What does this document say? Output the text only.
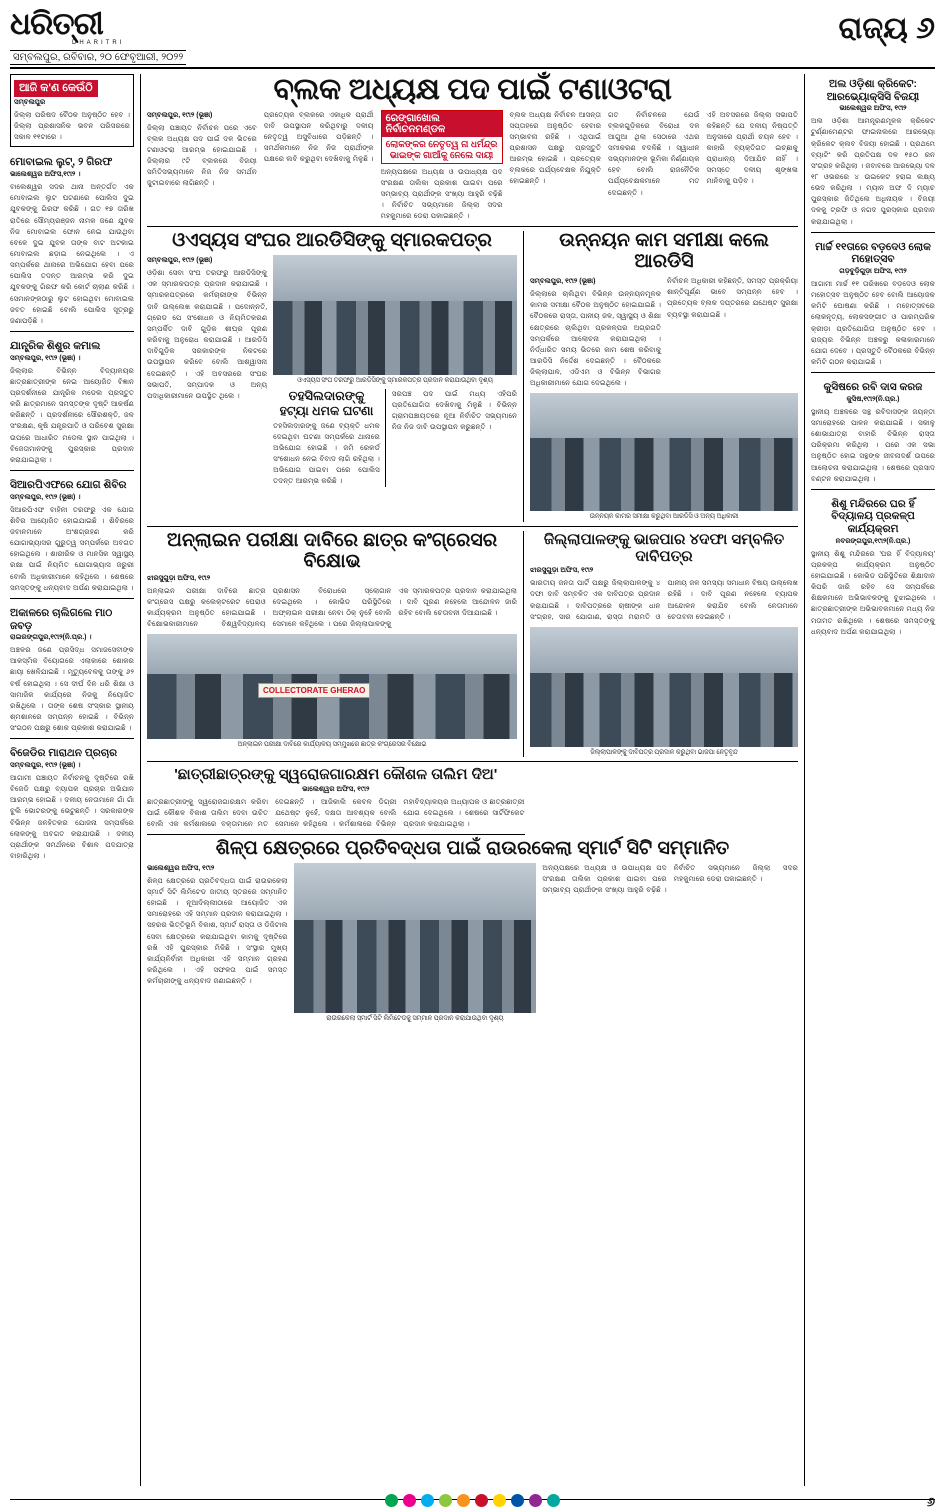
ଧରିତ୍ରୀ
DHARITRI
ସମ୍ବଲପୁର, ରବିବାର, ୨୦ ଫେବୃଆରୀ, ୨୦୨୨
ରାଜ୍ୟ ୬
ଆଜି କ'ଣ କେଉଁଠି
ସମ୍ବଲପୁର
ଜିଲ୍ଲା ପରିଷଦ ବୈଠକ ଅନୁଷ୍ଠିତ ହେବ । ଜିଲ୍ଲା ପ୍ରଶାସନିକ ଭବନ ପରିସରରେ ସକାଳ ୧୧ଟାରେ ।
ମୋବାଇଲ ଲୁଟ୍, ୨ ଗିରଫ
ଭାଲେଶ୍ୱର ଅଫିସ,୧୯ା୨ ।
ବାଲେଶ୍ୱର ସଦର ଥାନା ଅନ୍ତର୍ଗତ ଏକ ମୋବାଇଲ ଲୁଟ ଘଟଣାରେ ପୋଲିସ ଦୁଇ ଯୁବକଙ୍କୁ ଗିରଫ କରିଛି । ଗତ ୧୭ ତାରିଖ ରାତିରେ ସୌମ୍ୟରଞ୍ଜନ ନାମକ ଜଣେ ଯୁବକ ନିଜ ମୋବାଇଲ ଫୋନ ନେଇ ଯାଉଥିବା ବେଳେ ଦୁଇ ଯୁବକ ତାଙ୍କ ବାଟ ଅଟକାଇ ମୋବାଇଲ ଛଡ଼ାଇ ନେଇଥିଲେ । ଏ ସମ୍ପର୍କରେ ଥାନାରେ ଅଭିଯୋଗ ହେବା ପରେ ପୋଲିସ ତଦନ୍ତ ଆରମ୍ଭ କରି ଦୁଇ ଯୁବକଙ୍କୁ ଗିରଫ କରି କୋର୍ଟ ଚାଲାଣ କରିଛି । ସେମାନଙ୍କଠାରୁ ଲୁଟ ହୋଇଥିବା ମୋବାଇଲ ଜବତ ହୋଇଛି ବୋଲି ପୋଲିସ ସୂତ୍ରରୁ ଜଣାପଡ଼ିଛି ।
ଯାନ୍ତ୍ରିକ ଶିଶୁର କମାଲ
ସମ୍ବଲପୁର, ୧୯ା୨ (ଭୂଞା) ।
ଜିଲ୍ଲାର ବିଭିନ୍ନ ବିଦ୍ୟାଳୟର ଛାତ୍ରଛାତ୍ରୀଙ୍କ ନେଇ ଆୟୋଜିତ ବିଜ୍ଞାନ ପ୍ରଦର୍ଶନୀରେ ଯାନ୍ତ୍ରିକ ମଡେଲ ପ୍ରସ୍ତୁତ କରି ଛାତ୍ରମାନେ ସମସ୍ତଙ୍କ ଦୃଷ୍ଟି ଆକର୍ଷଣ କରିଛନ୍ତି । ପ୍ରଦର୍ଶନୀରେ ସୌରଶକ୍ତି, ଜଳ ସଂରକ୍ଷଣ, କୃଷି ଯନ୍ତ୍ରପାତି ଓ ପରିବେଶ ସୁରକ୍ଷା ଉପରେ ଆଧାରିତ ମଡେଲ ସ୍ଥାନ ପାଇଥିଲା । ବିଜେତାମାନଙ୍କୁ ପୁରସ୍କାର ପ୍ରଦାନ କରାଯାଇଥିଲା ।
ସିଆରପିଏଫରେ ଯୋଗ ଶିବିର
ସମ୍ବଲପୁର, ୧୯ା୨ (ଭୂଞା) ।
ସିଆରପିଏଫ ବାହିନୀ ତରଫରୁ ଏକ ଯୋଗ ଶିବିର ଆୟୋଜିତ ହୋଇଯାଇଛି । ଶିବିରରେ ଜବାନମାନେ ଅଂଶଗ୍ରହଣ କରି ଯୋଗାଭ୍ୟାସର ଗୁରୁତ୍ୱ ସମ୍ପର୍କରେ ଅବଗତ ହୋଇଥିଲେ । ଶାରୀରିକ ଓ ମାନସିକ ସ୍ୱାସ୍ଥ୍ୟ ରକ୍ଷା ପାଇଁ ନିୟମିତ ଯୋଗାଭ୍ୟାସ ଜରୁରୀ ବୋଲି ଅଧିକାରୀମାନେ କହିଥିଲେ । ଶେଷରେ ସମସ୍ତଙ୍କୁ ଧନ୍ୟବାଦ ଅର୍ପଣ କରାଯାଇଥିଲା ।
ଅକାଳରେ ଚାଲିଗଲେ ମାଠ ଜବଡ଼
ରାଇରଙ୍ଗପୁର,୧୯ା୨(ନି.ପ୍ର.) ।
ଅଞ୍ଚଳର ଜଣେ ପ୍ରସିଦ୍ଧ ସମାଜସେବୀଙ୍କ ଆକସ୍ମିକ ବିୟୋଗରେ ଏଲାକାରେ ଶୋକର ଛାୟା ଖେଳିଯାଇଛି । ମୃତ୍ୟୁବେଳକୁ ତାଙ୍କୁ ୬୨ ବର୍ଷ ହୋଇଥିଲା । ସେ ଦୀର୍ଘ ଦିନ ଧରି ଶିକ୍ଷା ଓ ସାମାଜିକ କାର୍ଯ୍ୟରେ ନିଜକୁ ନିୟୋଜିତ ରଖିଥିଲେ । ତାଙ୍କ ଶେଷ ସଂସ୍କାର ସ୍ଥାନୀୟ ଶ୍ମଶାନରେ ସମ୍ପନ୍ନ ହୋଇଛି । ବିଭିନ୍ନ ସଂଗଠନ ପକ୍ଷରୁ ଶୋକ ପ୍ରକାଶ କରାଯାଇଛି ।
ବିଜେଡିର ମାରାଥନ ପ୍ରଚାର
ସମ୍ବଲପୁର, ୧୯ା୨ (ଭୂଞା) ।
ଆଗାମୀ ପଞ୍ଚାୟତ ନିର୍ବାଚନକୁ ଦୃଷ୍ଟିରେ ରଖି ବିଜେଡି ପକ୍ଷରୁ ବ୍ୟାପକ ପ୍ରଚାର ଅଭିଯାନ ଆରମ୍ଭ ହୋଇଛି । ଦଳୀୟ ନେତାମାନେ ଗାଁ ଗାଁ ବୁଲି ଭୋଟରଙ୍କୁ ଭେଟୁଛନ୍ତି । ସରକାରଙ୍କ ବିଭିନ୍ନ ଜନହିତକର ଯୋଜନା ସମ୍ପର୍କରେ ଲୋକଙ୍କୁ ଅବଗତ କରାଯାଉଛି । ଦଳୀୟ ପ୍ରାର୍ଥୀଙ୍କ ସମର୍ଥନରେ ବିଶାଳ ପଦଯାତ୍ରା ବାହାରିଥିଲା ।
ବ୍ଲକ ଅଧ୍ୟକ୍ଷ ପଦ ପାଇଁ ଟଣାଓଟରା
ସମ୍ବଲପୁର, ୧୯ା୨ (ଭୂଞା)
ଜିଲ୍ଲା ପଞ୍ଚାୟତ ନିର୍ବାଚନ ପରେ ଏବେ ବ୍ଲକ ଅଧ୍ୟକ୍ଷ ପଦ ପାଇଁ ଦଳ ଭିତରେ ଟଣାଓଟରା ଆରମ୍ଭ ହୋଇଯାଇଛି । ଜିଲ୍ଲାର ୯ଟି ବ୍ଲକରେ ବିଜୟୀ ସମିତିସଭ୍ୟମାନେ ନିଜ ନିଜ ସମର୍ଥନ ଜୁଟାଇବାରେ ଲାଗିଛନ୍ତି ।
ପ୍ରତ୍ୟେକ ବ୍ଲକରେ ଏକାଧିକ ପ୍ରାର୍ଥୀ ଦାବି ଉପସ୍ଥାପନ କରିଥିବାରୁ ଦଳୀୟ ନେତୃତ୍ୱ ଅସୁବିଧାରେ ପଡ଼ିଛନ୍ତି । ସମର୍ଥକମାନେ ନିଜ ନିଜ ପ୍ରାର୍ଥୀଙ୍କ ପକ୍ଷରେ ଲବି କରୁଥିବା ଦେଖିବାକୁ ମିଳୁଛି ।
ରେଙ୍ଗାଖୋଲ ନିର୍ବାଚନମଣ୍ଡଳ
ଲୋକଙ୍କର ନେତୃତ୍ୱ ନା ଧର୍ମନ୍ଦ୍ର ଭାଇଙ୍କ ଗାଆଁକୁ ନେଲେ ଦାୟୀ
ଅନ୍ୟପକ୍ଷରେ ଅଧ୍ୟକ୍ଷ ଓ ଉପାଧ୍ୟକ୍ଷ ପଦ ସଂରକ୍ଷଣ ତାଲିକା ପ୍ରକାଶ ପାଇବା ପରେ ସମ୍ଭାବ୍ୟ ପ୍ରାର୍ଥୀଙ୍କ ସଂଖ୍ୟା ଆହୁରି ବଢ଼ିଛି । ନିର୍ବାଚିତ ସଭ୍ୟମାନେ ଜିଲ୍ଲା ସଦର ମହକୁମାରେ ଡେରା ପକାଇଛନ୍ତି ।
ବ୍ଲକ ଅଧ୍ୟକ୍ଷ ନିର୍ବାଚନ ଆସନ୍ତା ସପ୍ତାହରେ ଅନୁଷ୍ଠିତ ହେବାର ସମ୍ଭାବନା ରହିଛି । ଏଥିପାଇଁ ପ୍ରଶାସନ ପକ୍ଷରୁ ପ୍ରସ୍ତୁତି ଆରମ୍ଭ ହୋଇଛି । ପ୍ରତ୍ୟେକ ବ୍ଲକରେ ପର୍ଯ୍ୟବେକ୍ଷକ ନିଯୁକ୍ତି ହୋଇଛନ୍ତି ।
ଗତ ନିର୍ବାଚନରେ ଯେଉଁ ବ୍ଲକଗୁଡ଼ିକରେ ବିରୋଧୀ ଦଳ ଆଗୁଆ ଥିଲା ସେଠାରେ ଏଥର ସମୀକରଣ ବଦଳିଛି । ସ୍ୱାଧୀନ ସଭ୍ୟମାନଙ୍କ ଭୂମିକା ନିର୍ଣ୍ଣାୟକ ହେବ ବୋଲି ରାଜନୈତିକ ପର୍ଯ୍ୟବେକ୍ଷକମାନେ ମତ ଦେଇଛନ୍ତି ।
ଏହି ଅବସରରେ ଜିଲ୍ଲା ସଭାପତି କହିଛନ୍ତି ଯେ ଦଳୀୟ ନିଷ୍ପତ୍ତି ଅନୁସାରେ ପ୍ରାର୍ଥୀ ଚୟନ ହେବ । କାହାରି ବ୍ୟକ୍ତିଗତ ଇଚ୍ଛାକୁ ପ୍ରାଧାନ୍ୟ ଦିଆଯିବ ନାହିଁ । ସମସ୍ତେ ଦଳୀୟ ଶୃଙ୍ଖଳା ମାନିବାକୁ ପଡ଼ିବ ।
ଓଏସ୍ୟସ ସଂଘର ଆରଡିସିଙ୍କୁ ସ୍ମାରକପତ୍ର
ସମ୍ବଲପୁର, ୧୯ା୨ (ଭୂଞା)
ଓଡ଼ିଶା ସେବା ସଂଘ ତରଫରୁ ଆରଡିସିଙ୍କୁ ଏକ ସ୍ମାରକପତ୍ର ପ୍ରଦାନ କରାଯାଇଛି । ସ୍ମାରକପତ୍ରରେ କର୍ମଚାରୀଙ୍କ ବିଭିନ୍ନ ଦାବି ଉଲ୍ଲେଖ କରାଯାଇଛି । ପଦୋନ୍ନତି, ଗ୍ରେଡ ପେ ସଂଶୋଧନ ଓ ନିୟମିତକରଣ ସମ୍ପର୍କିତ ଦାବି ଗୁଡ଼ିକ ଶୀଘ୍ର ପୂରଣ କରିବାକୁ ଅନୁରୋଧ କରାଯାଇଛି । ଆରଡିସି ଦାବିଗୁଡ଼ିକ ସରକାରଙ୍କ ନିକଟରେ ଉପସ୍ଥାପନ କରିବେ ବୋଲି ଆଶ୍ୱାସନା ଦେଇଛନ୍ତି । ଏହି ଅବସରରେ ସଂଘର ସଭାପତି, ସମ୍ପାଦକ ଓ ଅନ୍ୟ ପଦାଧିକାରୀମାନେ ଉପସ୍ଥିତ ଥିଲେ ।
ଓଏସ୍ୟସ ସଂଘ ତରଫରୁ ଆରଡିସିଙ୍କୁ ସ୍ମାରକପତ୍ର ପ୍ରଦାନ କରାଯାଉଥିବା ଦୃଶ୍ୟ
ତହସିଲଦାରଙ୍କୁ ହଟ୍ୟା ଧମକ ଘଟଣା
ତହସିଲଦାରଙ୍କୁ ଜଣେ ବ୍ୟକ୍ତି ଧମକ ଦେଇଥିବା ଘଟଣା ସମ୍ପର୍କରେ ଥାନାରେ ଅଭିଯୋଗ ହୋଇଛି । ଜମି ରେକର୍ଡ ସଂଶୋଧନ ନେଇ ବିବାଦ ଲାଗି ରହିଥିଲା । ଅଭିଯୋଗ ପାଇବା ପରେ ପୋଲିସ ତଦନ୍ତ ଆରମ୍ଭ କରିଛି ।
ସରପଞ୍ଚ ପଦ ପାଇଁ ମଧ୍ୟ ଏହିପରି ପ୍ରତିଯୋଗିତା ଦେଖିବାକୁ ମିଳୁଛି । ବିଭିନ୍ନ ଗ୍ରାମପଞ୍ଚାୟତରେ ନୂଆ ନିର୍ବାଚିତ ସଭ୍ୟମାନେ ନିଜ ନିଜ ଦାବି ଉପସ୍ଥାପନ କରୁଛନ୍ତି ।
ଉନ୍ନୟନ କାମ ସମୀକ୍ଷା କଲେ ଆରଡିସି
ସମ୍ବଲପୁର, ୧୯ା୨ (ଭୂଞା)
ଜିଲ୍ଲାରେ ଚାଲିଥିବା ବିଭିନ୍ନ ଉନ୍ନୟନମୂଳକ କାମର ସମୀକ୍ଷା ବୈଠକ ଅନୁଷ୍ଠିତ ହୋଇଯାଇଛି । ବୈଠକରେ ରାସ୍ତା, ପାନୀୟ ଜଳ, ସ୍ୱାସ୍ଥ୍ୟ ଓ ଶିକ୍ଷା କ୍ଷେତ୍ରରେ ଚାଲିଥିବା ପ୍ରକଳ୍ପର ଅଗ୍ରଗତି ସମ୍ପର୍କରେ ଆଲୋଚନା କରାଯାଇଥିଲା । ନିର୍ଦ୍ଧାରିତ ସମୟ ଭିତରେ କାମ ଶେଷ କରିବାକୁ ଆରଡିସି ନିର୍ଦ୍ଦେଶ ଦେଇଛନ୍ତି । ବୈଠକରେ ଜିଲ୍ଲାପାଳ, ଏଡିଏମ ଓ ବିଭିନ୍ନ ବିଭାଗର ଅଧିକାରୀମାନେ ଯୋଗ ଦେଇଥିଲେ ।
ନିର୍ବାଚନ ଅଧିକାରୀ କହିଛନ୍ତି, ସମସ୍ତ ପ୍ରକ୍ରିୟା ଶାନ୍ତିପୂର୍ଣ୍ଣ ଭାବେ ସମ୍ପନ୍ନ ହେବ । ପ୍ରତ୍ୟେକ ବ୍ଲକ ଦପ୍ତରରେ ଯଥେଷ୍ଟ ସୁରକ୍ଷା ବ୍ୟବସ୍ଥା କରାଯାଇଛି ।
ଉନ୍ନୟନ କାମର ସମୀକ୍ଷା କରୁଥିବା ଆରଡିସି ଓ ଅନ୍ୟ ଅଧିକାରୀ
ଅନ୍‌ଲାଇନ ପରୀକ୍ଷା ଦାବିରେ ଛାତ୍ର କଂଗ୍ରେସର ବିକ୍ଷୋଭ
ଝାରସୁଗୁଡ଼ା ଅଫିସ, ୧୯ା୨
ଅନ୍‌ଲାଇନ ପରୀକ୍ଷା ଦାବିରେ ଛାତ୍ର କଂଗ୍ରେସ ପକ୍ଷରୁ କଲେକ୍ଟରେଟ ଘେରାଓ କାର୍ଯ୍ୟକ୍ରମ ଅନୁଷ୍ଠିତ ହୋଇଯାଇଛି । ବିକ୍ଷୋଭକାରୀମାନେ ବିଶ୍ୱବିଦ୍ୟାଳୟ ପ୍ରଶାସନ ବିରୋଧରେ ସ୍ଲୋଗାନ ଦେଇଥିଲେ । କୋଭିଡ ପରିସ୍ଥିତିରେ ଅଫ୍‌ଲାଇନ ପରୀକ୍ଷା ନେବା ଠିକ୍ ନୁହେଁ ବୋଲି ସେମାନେ କହିଥିଲେ । ପରେ ଜିଲ୍ଲାପାଳଙ୍କୁ ଏକ ସ୍ମାରକପତ୍ର ପ୍ରଦାନ କରାଯାଇଥିଲା । ଦାବି ପୂରଣ ନହେଲେ ଆନ୍ଦୋଳନ ଜାରି ରହିବ ବୋଲି ଚେତାବନୀ ଦିଆଯାଇଛି ।
COLLECTORATE GHERAO
ଅନ୍‌ଲାଇନ ପରୀକ୍ଷା ଦାବିରେ କାର୍ଯ୍ୟାଳୟ ସମ୍ମୁଖରେ ଛାତ୍ର କଂଗ୍ରେସର ବିକ୍ଷୋଭ
ଜିଲ୍ଲାପାଳଙ୍କୁ ଭାଜପାର ୪ଦଫା ସମ୍ବଳିତ ଦାବିପତ୍ର
ଝାରସୁଗୁଡ଼ା ଅଫିସ, ୧୯ା୨
ଭାରତୀୟ ଜନତା ପାର୍ଟି ପକ୍ଷରୁ ଜିଲ୍ଲାପାଳଙ୍କୁ ୪ ଦଫା ଦାବି ସମ୍ବଳିତ ଏକ ଦାବିପତ୍ର ପ୍ରଦାନ କରାଯାଇଛି । ଦାବିପତ୍ରରେ ଚାଷୀଙ୍କ ଧାନ ସଂଗ୍ରହ, ସାର ଯୋଗାଣ, ରାସ୍ତା ମରାମତି ଓ ପାନୀୟ ଜଳ ସମସ୍ୟା ସମାଧାନ ବିଷୟ ଉଲ୍ଲେଖ ରହିଛି । ଦାବି ପୂରଣ ନହେଲେ ବ୍ୟାପକ ଆନ୍ଦୋଳନ କରାଯିବ ବୋଲି ନେତାମାନେ ଚେତାବନୀ ଦେଇଛନ୍ତି ।
ଜିଲ୍ଲାପାଳଙ୍କୁ ଦାବିପତ୍ର ପ୍ରଦାନ କରୁଥିବା ଭାଜପା ନେତୃବୃନ୍ଦ
'ଛାତ୍ରୀଛାତ୍ରଙ୍କୁ ସ୍ୱରୋଜଗାରକ୍ଷମ କୌଶଳ ତାଲିମ ଦିଅ'
ଭାଲେଶ୍ୱର ଅଫିସ, ୧୯ା୨
ଛାତ୍ରଛାତ୍ରୀଙ୍କୁ ସ୍ୱରୋଜଗାରକ୍ଷମ କରିବା ପାଇଁ କୌଶଳ ବିକାଶ ତାଲିମ ଦେବା ଉଚିତ ବୋଲି ଏକ କର୍ମଶାଳାରେ ବକ୍ତାମାନେ ମତ ଦେଇଛନ୍ତି । ଆଜିକାଲି କେବଳ ଡିଗ୍ରୀ ଯଥେଷ୍ଟ ନୁହେଁ, ଦକ୍ଷତା ଆବଶ୍ୟକ ବୋଲି ସେମାନେ କହିଥିଲେ । କର୍ମଶାଳାରେ ବିଭିନ୍ନ ମହାବିଦ୍ୟାଳୟର ଅଧ୍ୟାପକ ଓ ଛାତ୍ରଛାତ୍ରୀ ଯୋଗ ଦେଇଥିଲେ । ଶେଷରେ ସାର୍ଟିଫିକେଟ ପ୍ରଦାନ କରାଯାଇଥିଲା ।
ଶିଳ୍ପ କ୍ଷେତ୍ରରେ ପ୍ରତିବଦ୍ଧତା ପାଇଁ ରାଉରକେଲା ସ୍ମାର୍ଟ ସିଟି ସମ୍ମାନିତ
ଭାଲେଶ୍ୱର ଅଫିସ, ୧୯ା୨
ଶିଳ୍ପ କ୍ଷେତ୍ରରେ ପ୍ରତିବଦ୍ଧତା ପାଇଁ ରାଉରକେଲା ସ୍ମାର୍ଟ ସିଟି ଲିମିଟେଡ ଜାତୀୟ ସ୍ତରରେ ସମ୍ମାନିତ ହୋଇଛି । ନୂଆଦିଲ୍ଲୀଠାରେ ଆୟୋଜିତ ଏକ ସମାରୋହରେ ଏହି ସମ୍ମାନ ପ୍ରଦାନ କରାଯାଇଥିଲା । ସହରର ଭିତ୍ତିଭୂମି ବିକାଶ, ସ୍ମାର୍ଟ ରାସ୍ତା ଓ ଡିଜିଟାଲ ସେବା କ୍ଷେତ୍ରରେ କରାଯାଇଥିବା କାମକୁ ଦୃଷ୍ଟିରେ ରଖି ଏହି ପୁରସ୍କାର ମିଳିଛି । ସଂସ୍ଥାର ମୁଖ୍ୟ କାର୍ଯ୍ୟନିର୍ବାହୀ ଅଧିକାରୀ ଏହି ସମ୍ମାନ ଗ୍ରହଣ କରିଥିଲେ । ଏହି ସଫଳତା ପାଇଁ ସମସ୍ତ କର୍ମଚାରୀଙ୍କୁ ଧନ୍ୟବାଦ ଜଣାଇଛନ୍ତି ।
ରାଉରକେଲା ସ୍ମାର୍ଟ ସିଟି ଲିମିଟେଡକୁ ସମ୍ମାନ ପ୍ରଦାନ କରାଯାଉଥିବା ଦୃଶ୍ୟ
ଅନ୍ୟପକ୍ଷରେ ଅଧ୍ୟକ୍ଷ ଓ ଉପାଧ୍ୟକ୍ଷ ପଦ ସଂରକ୍ଷଣ ତାଲିକା ପ୍ରକାଶ ପାଇବା ପରେ ସମ୍ଭାବ୍ୟ ପ୍ରାର୍ଥୀଙ୍କ ସଂଖ୍ୟା ଆହୁରି ବଢ଼ିଛି । ନିର୍ବାଚିତ ସଭ୍ୟମାନେ ଜିଲ୍ଲା ସଦର ମହକୁମାରେ ଡେରା ପକାଇଛନ୍ତି ।
ଅଲ ଓଡ଼ିଶା କ୍ରିକେଟ: ଆରଭ୍ୟୋକ୍ସିସି ବିଜୟୀ
ଭାଲେଶ୍ୱର ଅଫିସ, ୧୯ା୨
ଅଲ ଓଡ଼ିଶା ଆମନ୍ତ୍ରଣମୂଳକ କ୍ରିକେଟ ଟୁର୍ଣ୍ଣାମେଣ୍ଟର ଫାଇନାଲରେ ଆରଭ୍ୟୋ କ୍ରିକେଟ କ୍ଲବ ବିଜୟୀ ହୋଇଛି । ପ୍ରଥମେ ବ୍ୟାଟିଂ କରି ପ୍ରତିପକ୍ଷ ଦଳ ୧୫୦ ରନ ସଂଗ୍ରହ କରିଥିଲା । ଜବାବରେ ଆରଭ୍ୟୋ ଦଳ ୧୮ ଓଭରରେ ୪ ଉଇକେଟ ହରାଇ ଲକ୍ଷ୍ୟ ଭେଦ କରିଥିଲା । ମ୍ୟାନ ଅଫ ଦି ମ୍ୟାଚ ପୁରସ୍କାର ଜିତିଥିଲେ ଅଧିନାୟକ । ବିଜୟୀ ଦଳକୁ ଟ୍ରଫି ଓ ନଗଦ ପୁରସ୍କାର ପ୍ରଦାନ କରାଯାଇଥିଲା ।
ମାର୍ଚ୍ଚ ୧୧ତାରେ ବଡ଼ଦେଓ ଲୋକ ମହୋତ୍ସବ
ଗଡ଼ବୁଡ଼ିଗୁଡ଼ା ଅଫିସ, ୧୯ା୨
ଆଗାମୀ ମାର୍ଚ୍ଚ ୧୧ ତାରିଖରେ ବଡ଼ଦେଓ ଲୋକ ମହୋତ୍ସବ ଅନୁଷ୍ଠିତ ହେବ ବୋଲି ଆୟୋଜକ କମିଟି ଘୋଷଣା କରିଛି । ମହୋତ୍ସବରେ ଲୋକନୃତ୍ୟ, ଲୋକସଙ୍ଗୀତ ଓ ପାରମ୍ପରିକ କ୍ରୀଡ଼ା ପ୍ରତିଯୋଗିତା ଅନୁଷ୍ଠିତ ହେବ । ରାଜ୍ୟର ବିଭିନ୍ନ ଅଞ୍ଚଳରୁ କଳାକାରମାନେ ଯୋଗ ଦେବେ । ପ୍ରସ୍ତୁତି ବୈଠକରେ ବିଭିନ୍ନ କମିଟି ଗଠନ କରାଯାଇଛି ।
କୁସିଷରେ ରବି ଦାସ କରଜ
କୁସିଷ,୧୯ା୨(ନି.ପ୍ର.)
ସ୍ଥାନୀୟ ଅଞ୍ଚଳରେ ସନ୍ଥ ରବିଦାସଙ୍କ ଜୟନ୍ତୀ ସମାରୋହରେ ପାଳନ କରାଯାଇଛି । ସକାଳୁ ଶୋଭାଯାତ୍ରା ବାହାରି ବିଭିନ୍ନ ରାସ୍ତା ପରିକ୍ରମା କରିଥିଲା । ପରେ ଏକ ସଭା ଅନୁଷ୍ଠିତ ହୋଇ ସନ୍ଥଙ୍କ ଜୀବନାଦର୍ଶ ଉପରେ ଆଲୋଚନା କରାଯାଇଥିଲା । ଶେଷରେ ପ୍ରସାଦ ବଣ୍ଟନ କରାଯାଇଥିଲା ।
ଶିଶୁ ମନ୍ଦିରରେ ଘର ହିଁ ବିଦ୍ୟାଳୟ ପ୍ରକଳ୍ପ କାର୍ଯ୍ୟକ୍ରମ
ନବରଙ୍ଗପୁର,୧୯ା୨(ନି.ପ୍ର.)
ସ୍ଥାନୀୟ ଶିଶୁ ମନ୍ଦିରରେ 'ଘର ହିଁ ବିଦ୍ୟାଳୟ' ପ୍ରକଳ୍ପ କାର୍ଯ୍ୟକ୍ରମ ଅନୁଷ୍ଠିତ ହୋଇଯାଇଛି । କୋଭିଡ ପରିସ୍ଥିତିରେ ଶିକ୍ଷାଦାନ କିପରି ଜାରି ରହିବ ସେ ସମ୍ପର୍କରେ ଶିକ୍ଷକମାନେ ଅଭିଭାବକଙ୍କୁ ବୁଝାଇଥିଲେ । ଛାତ୍ରଛାତ୍ରୀଙ୍କ ଅଭିଭାବକମାନେ ମଧ୍ୟ ନିଜ ମତାମତ ରଖିଥିଲେ । ଶେଷରେ ସମସ୍ତଙ୍କୁ ଧନ୍ୟବାଦ ଅର୍ପଣ କରାଯାଇଥିଲା ।
୬
